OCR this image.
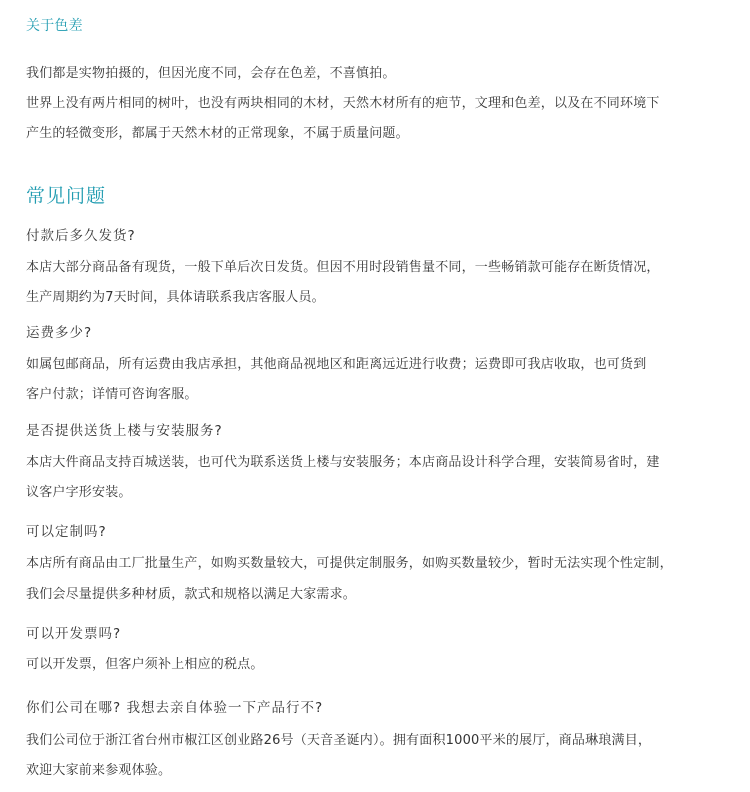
关于色差
我们都是实物拍摄的，但因光度不同，会存在色差，不喜慎拍。
世界上没有两片相同的树叶，也没有两块相同的木材，天然木材所有的疤节，文理和色差，以及在不同环境下
产生的轻微变形，都属于天然木材的正常现象，不属于质量问题。
常见问题
付款后多久发货?
本店大部分商品备有现货，一般下单后次日发货。但因不用时段销售量不同，一些畅销款可能存在断货情况，
生产周期约为7天时间，具体请联系我店客服人员。
运费多少?
如属包邮商品，所有运费由我店承担，其他商品视地区和距离远近进行收费；运费即可我店收取，也可货到
客户付款；详情可咨询客服。
是否提供送货上楼与安装服务?
本店大件商品支持百城送装，也可代为联系送货上楼与安装服务；本店商品设计科学合理，安装简易省时，建
议客户字形安装。
可以定制吗?
本店所有商品由工厂批量生产，如购买数量较大，可提供定制服务，如购买数量较少，暂时无法实现个性定制，
我们会尽量提供多种材质，款式和规格以满足大家需求。
可以开发票吗?
可以开发票，但客户须补上相应的税点。
你们公司在哪? 我想去亲自体验一下产品行不?
我们公司位于浙江省台州市椒江区创业路26号（天音圣诞内）。拥有面积1000平米的展厅，商品琳琅满目，
欢迎大家前来参观体验。
